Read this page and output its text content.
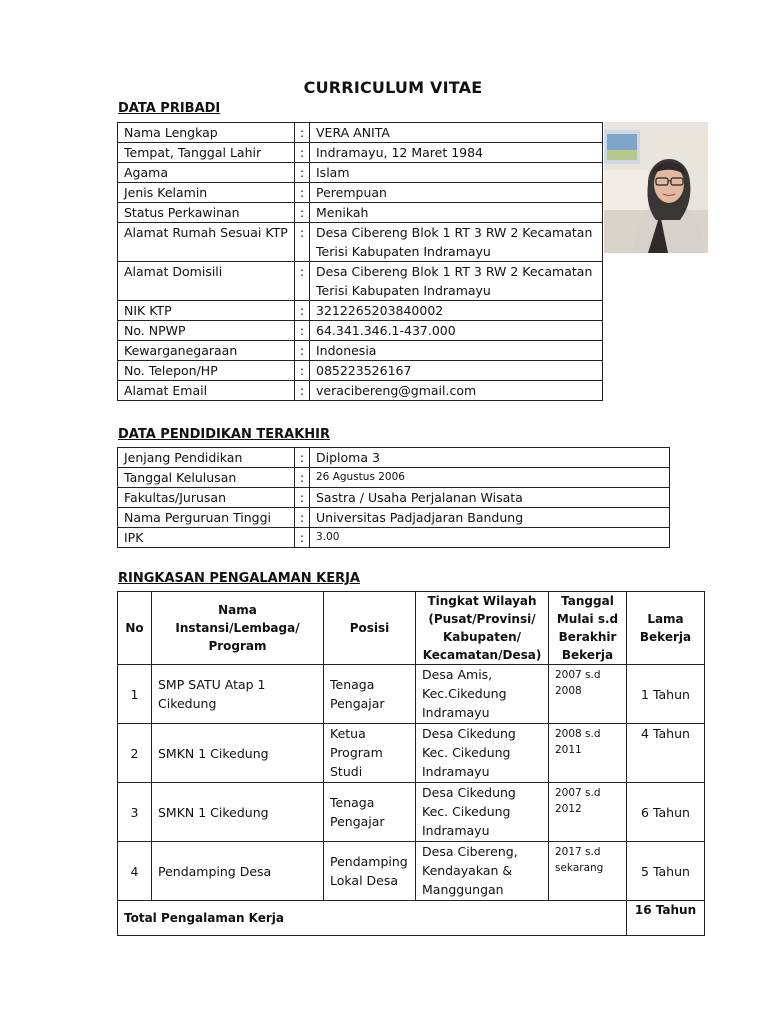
CURRICULUM VITAE
DATA PRIBADI
Nama Lengkap	:	VERA ANITA
Tempat, Tanggal Lahir	:	Indramayu, 12 Maret 1984
Agama	:	Islam
Jenis Kelamin	:	Perempuan
Status Perkawinan	:	Menikah
Alamat Rumah Sesuai KTP	:	Desa Cibereng Blok 1 RT 3 RW 2 Kecamatan Terisi Kabupaten Indramayu
Alamat Domisili	:	Desa Cibereng Blok 1 RT 3 RW 2 Kecamatan Terisi Kabupaten Indramayu
NIK KTP	:	3212265203840002
No. NPWP	:	64.341.346.1-437.000
Kewarganegaraan	:	Indonesia
No. Telepon/HP	:	085223526167
Alamat Email	:	veracibereng@gmail.com
DATA PENDIDIKAN TERAKHIR
Jenjang Pendidikan	:	Diploma 3
Tanggal Kelulusan	:	26 Agustus 2006
Fakultas/Jurusan	:	Sastra / Usaha Perjalanan Wisata
Nama Perguruan Tinggi	:	Universitas Padjadjaran Bandung
IPK	:	3.00
RINGKASAN PENGALAMAN KERJA
No	Nama Instansi/Lembaga/ Program	Posisi	Tingkat Wilayah (Pusat/Provinsi/ Kabupaten/ Kecamatan/Desa)	Tanggal Mulai s.d Berakhir Bekerja	Lama Bekerja
1	SMP SATU Atap 1 Cikedung	Tenaga Pengajar	Desa Amis, Kec.Cikedung Indramayu	2007 s.d 2008	1 Tahun
2	SMKN 1 Cikedung	Ketua Program Studi	Desa Cikedung Kec. Cikedung Indramayu	2008 s.d 2011	4 Tahun
3	SMKN 1 Cikedung	Tenaga Pengajar	Desa Cikedung Kec. Cikedung Indramayu	2007 s.d 2012	6 Tahun
4	Pendamping Desa	Pendamping Lokal Desa	Desa Cibereng, Kendayakan & Manggungan	2017 s.d sekarang	5 Tahun
Total Pengalaman Kerja					16 Tahun
